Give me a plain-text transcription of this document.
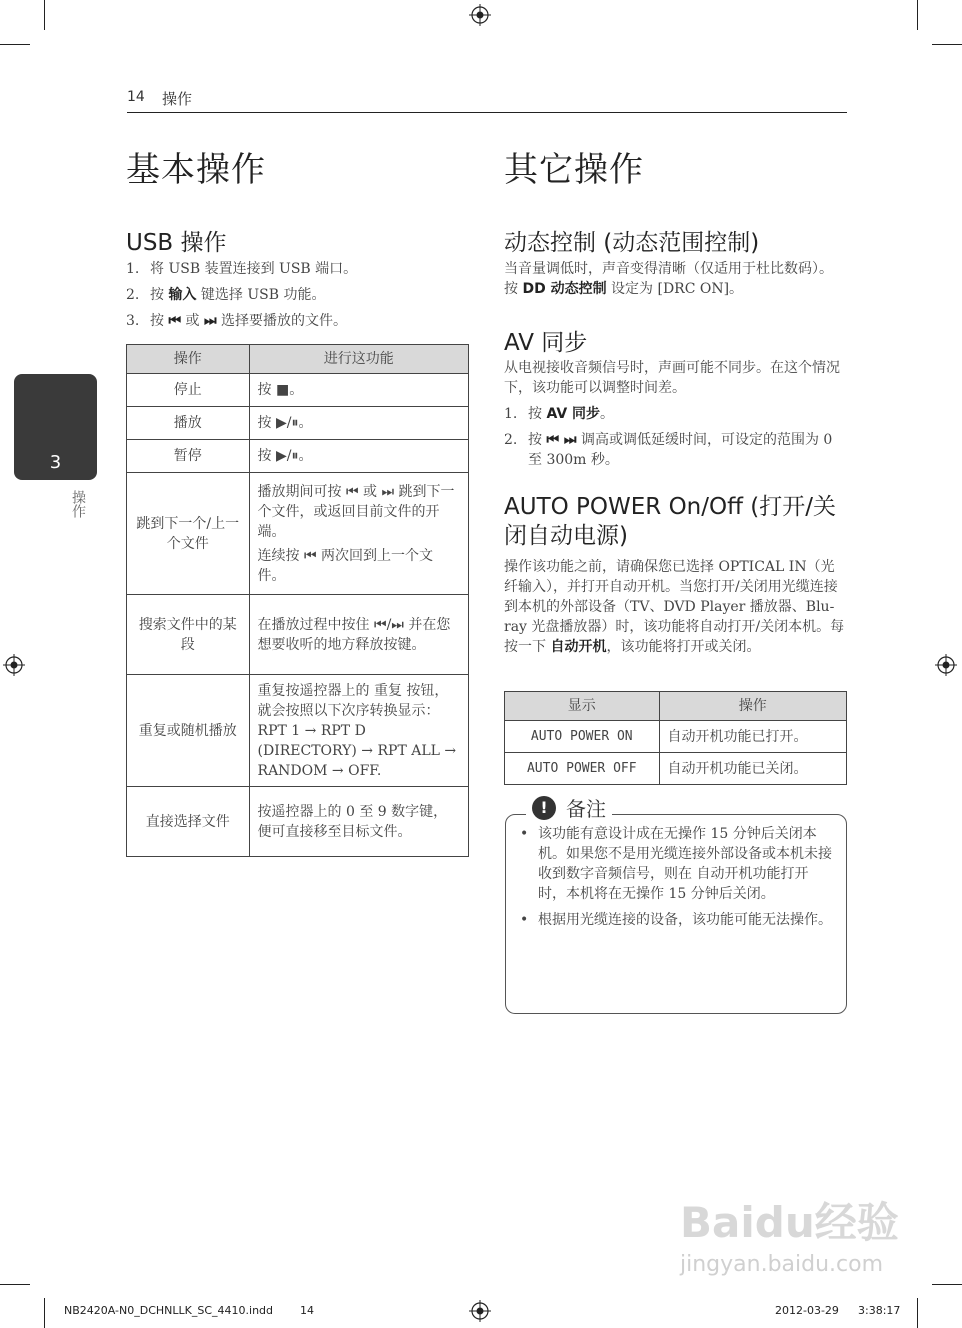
14 操作
3
操作
基本操作
USB 操作
1. 将 USB 装置连接到 USB 端口。
2. 按 输入 键选择 USB 功能。
3. 按 ⏮ 或 ⏭ 选择要播放的文件。
操作	进行这功能
停止	按 ■。
播放	按 ▶/⏸。
暂停	按 ▶/⏸。
跳到下一个/上一个文件	播放期间可按 ⏮ 或 ⏭ 跳到下一个文件，或返回目前文件的开端。
连续按 ⏮ 两次回到上一个文件。

搜索文件中的某段	在播放过程中按住 ⏮/⏭ 并在您想要收听的地方释放按键。
重复或随机播放	重复按遥控器上的 重复 按钮，就会按照以下次序转换显示： RPT 1 → RPT D (DIRECTORY) → RPT ALL → RANDOM → OFF.
直接选择文件	按遥控器上的 0 至 9 数字键，便可直接移至目标文件。
其它操作
动态控制 (动态范围控制)
当音量调低时，声音变得清晰（仅适用于杜比数码）。按 DD 动态控制 设定为 [DRC ON]。
AV 同步
从电视接收音频信号时，声画可能不同步。在这个情况下，该功能可以调整时间差。
1. 按 AV 同步。
2. 按 ⏮ ⏭ 调高或调低延缓时间，可设定的范围为 0 至 300m 秒。
AUTO POWER On/Off (打开/关闭自动电源)
操作该功能之前，请确保您已选择 OPTICAL IN（光纤输入），并打开自动开机。当您打开/关闭用光缆连接到本机的外部设备（TV、DVD Player 播放器、Blu-ray 光盘播放器）时，该功能将自动打开/关闭本机。每按一下 自动开机，该功能将打开或关闭。
显示	操作
AUTO POWER ON	自动开机功能已打开。
AUTO POWER OFF	自动开机功能已关闭。
! 备注
• 该功能有意设计成在无操作 15 分钟后关闭本机。如果您不是用光缆连接外部设备或本机未接收到数字音频信号，则在 自动开机功能打开时，本机将在无操作 15 分钟后关闭。
• 根据用光缆连接的设备，该功能可能无法操作。
Baidu经验
jingyan.baidu.com
NB2420A-N0_DCHNLLK_SC_4410.indd 14	2012-03-29 3:38:17
